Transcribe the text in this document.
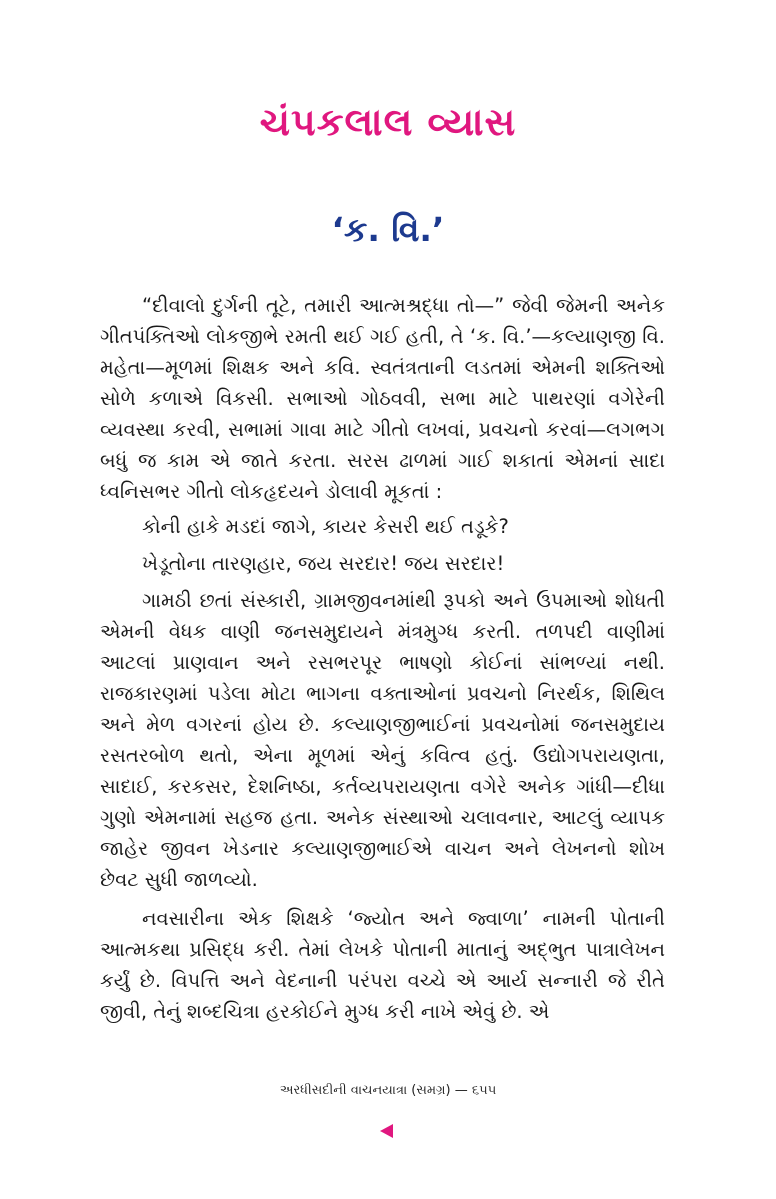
ચંપકલાલ વ્યાસ
‘ક. વિ.’

“દીવાલો દુર્ગની તૂટે, તમારી આત્મશ્રદ્ધા તો—” જેવી જેમની અનેક ગીતપંક્તિઓ લોકજીભે રમતી થઈ ગઈ હતી, તે ‘ક. વિ.’—કલ્યાણજી વિ. મહેતા—મૂળમાં શિક્ષક અને કવિ. સ્વતંત્રતાની લડતમાં એમની શક્તિઓ સોળે કળાએ વિકસી. સભાઓ ગોઠવવી, સભા માટે પાથરણાં વગેરેની વ્યવસ્થા કરવી, સભામાં ગાવા માટે ગીતો લખવાં, પ્રવચનો કરવાં—લગભગ બધું જ કામ એ જાતે કરતા. સરસ ઢાળમાં ગાઈ શકાતાં એમનાં સાદા ધ્વનિસભર ગીતો લોકહૃદયને ડોલાવી મૂકતાં :

કોની હાકે મડદાં જાગે, કાયર કેસરી થઈ તડૂકે?

ખેડૂતોના તારણહાર, જય સરદાર! જય સરદાર!

ગામઠી છતાં સંસ્કારી, ગ્રામજીવનમાંથી રૂપકો અને ઉપમાઓ શોધતી એમની વેધક વાણી જનસમુદાયને મંત્રમુગ્ધ કરતી. તળપદી વાણીમાં આટલાં પ્રાણવાન અને રસભરપૂર ભાષણો કોઈનાં સાંભળ્યાં નથી. રાજકારણમાં પડેલા મોટા ભાગના વક્તાઓનાં પ્રવચનો નિરર્થક, શિથિલ અને મેળ વગરનાં હોય છે. કલ્યાણજીભાઈનાં પ્રવચનોમાં જનસમુદાય રસતરબોળ થતો, એના મૂળમાં એનું કવિત્વ હતું. ઉદ્યોગપરાયણતા, સાદાઈ, કરકસર, દેશનિષ્ઠા, કર્તવ્યપરાયણતા વગેરે અનેક ગાંધી—દીધા ગુણો એમનામાં સહજ હતા. અનેક સંસ્થાઓ ચલાવનાર, આટલું વ્યાપક જાહેર જીવન ખેડનાર કલ્યાણજીભાઈએ વાચન અને લેખનનો શોખ છેવટ સુધી જાળવ્યો.

નવસારીના એક શિક્ષકે ‘જ્યોત અને જ્વાળા’ નામની પોતાની આત્મકથા પ્રસિદ્ધ કરી. તેમાં લેખકે પોતાની માતાનું અદ્‌ભુત પાત્રાલેખન કર્યું છે. વિપત્તિ અને વેદનાની પરંપરા વચ્ચે એ આર્ય સન્નારી જે રીતે જીવી, તેનું શબ્દચિત્રા હરકોઈને મુગ્ધ કરી નાખે એવું છે. એ

અરધીસદીની વાચનયાત્રા (સમગ્ર) — ૬૫૫
